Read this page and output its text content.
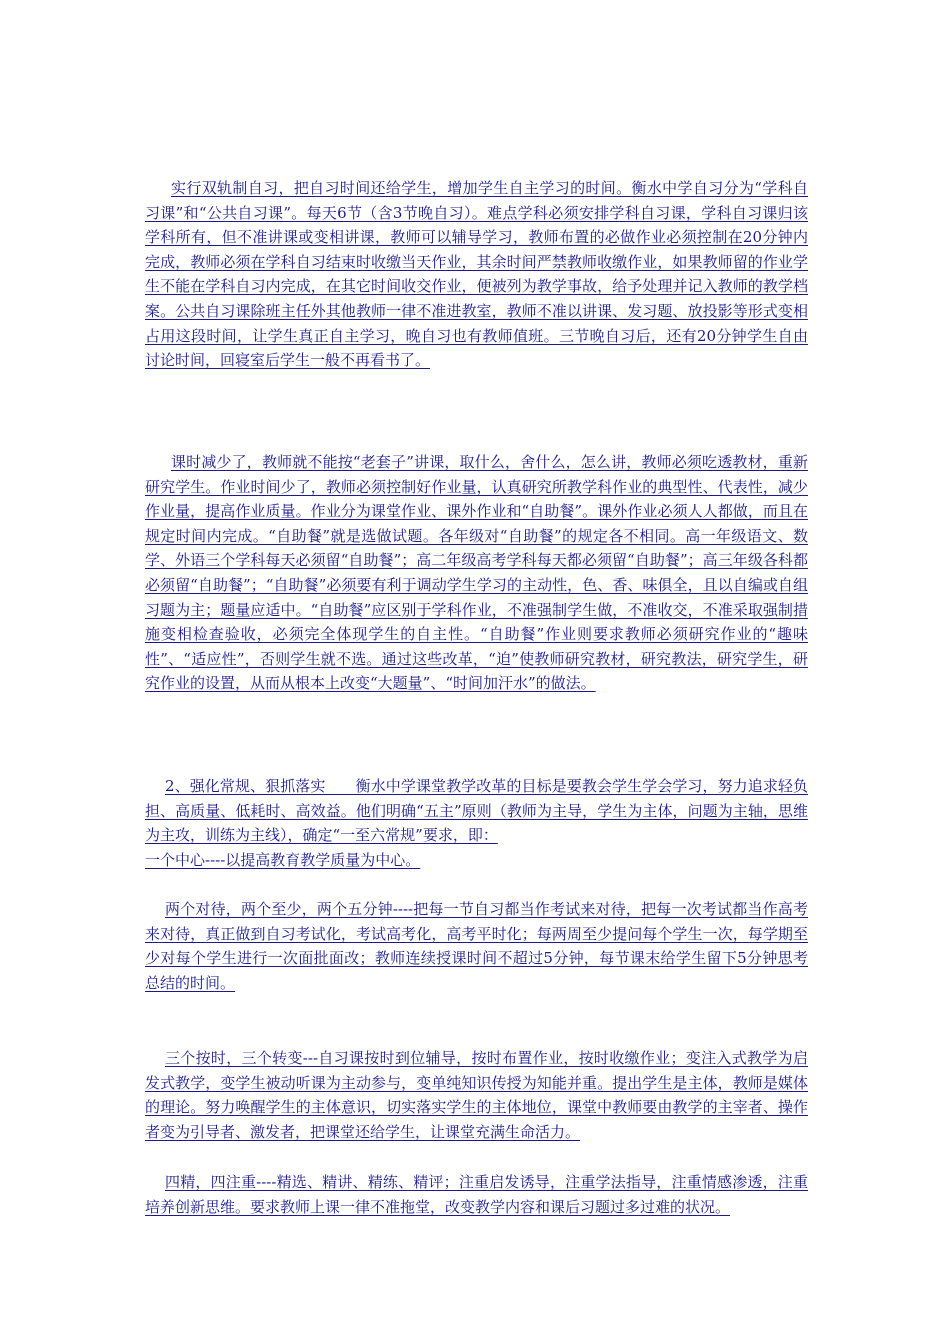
实行双轨制自习，把自习时间还给学生，增加学生自主学习的时间。衡水中学自习分为“学科自习课”和“公共自习课”。每天6节（含3节晚自习）。难点学科必须安排学科自习课，学科自习课归该学科所有，但不准讲课或变相讲课，教师可以辅导学习，教师布置的必做作业必须控制在20分钟内完成，教师必须在学科自习结束时收缴当天作业，其余时间严禁教师收缴作业，如果教师留的作业学生不能在学科自习内完成，在其它时间收交作业，便被列为教学事故，给予处理并记入教师的教学档案。公共自习课除班主任外其他教师一律不准进教室，教师不准以讲课、发习题、放投影等形式变相占用这段时间，让学生真正自主学习，晚自习也有教师值班。三节晚自习后，还有20分钟学生自由讨论时间，回寝室后学生一般不再看书了。

课时减少了，教师就不能按“老套子”讲课，取什么，舍什么，怎么讲，教师必须吃透教材，重新研究学生。作业时间少了，教师必须控制好作业量，认真研究所教学科作业的典型性、代表性，减少作业量，提高作业质量。作业分为课堂作业、课外作业和“自助餐”。课外作业必须人人都做，而且在规定时间内完成。“自助餐”就是选做试题。各年级对“自助餐”的规定各不相同。高一年级语文、数学、外语三个学科每天必须留“自助餐”；高二年级高考学科每天都必须留“自助餐”；高三年级各科都必须留“自助餐”；“自助餐”必须要有利于调动学生学习的主动性，色、香、味俱全，且以自编或自组习题为主；题量应适中。“自助餐”应区别于学科作业，不准强制学生做，不准收交，不准采取强制措施变相检查验收，必须完全体现学生的自主性。“自助餐”作业则要求教师必须研究作业的“趣味性”、“适应性”，否则学生就不选。通过这些改革，“迫”使教师研究教材，研究教法，研究学生，研究作业的设置，从而从根本上改变“大题量”、“时间加汗水”的做法。

2、强化常规、狠抓落实　　衡水中学课堂教学改革的目标是要教会学生学会学习，努力追求轻负担、高质量、低耗时、高效益。他们明确“五主”原则（教师为主导，学生为主体，问题为主轴，思维为主攻，训练为主线），确定“一至六常规”要求，即：
一个中心----以提高教育教学质量为中心。

两个对待，两个至少，两个五分钟----把每一节自习都当作考试来对待，把每一次考试都当作高考来对待，真正做到自习考试化，考试高考化，高考平时化；每两周至少提问每个学生一次，每学期至少对每个学生进行一次面批面改；教师连续授课时间不超过5分钟，每节课末给学生留下5分钟思考总结的时间。

三个按时，三个转变---自习课按时到位辅导，按时布置作业，按时收缴作业；变注入式教学为启发式教学，变学生被动听课为主动参与，变单纯知识传授为知能并重。提出学生是主体，教师是媒体的理论。努力唤醒学生的主体意识，切实落实学生的主体地位，课堂中教师要由教学的主宰者、操作者变为引导者、激发者，把课堂还给学生，让课堂充满生命活力。

四精，四注重----精选、精讲、精练、精评；注重启发诱导，注重学法指导，注重情感渗透，注重培养创新思维。要求教师上课一律不准拖堂，改变教学内容和课后习题过多过难的状况。
